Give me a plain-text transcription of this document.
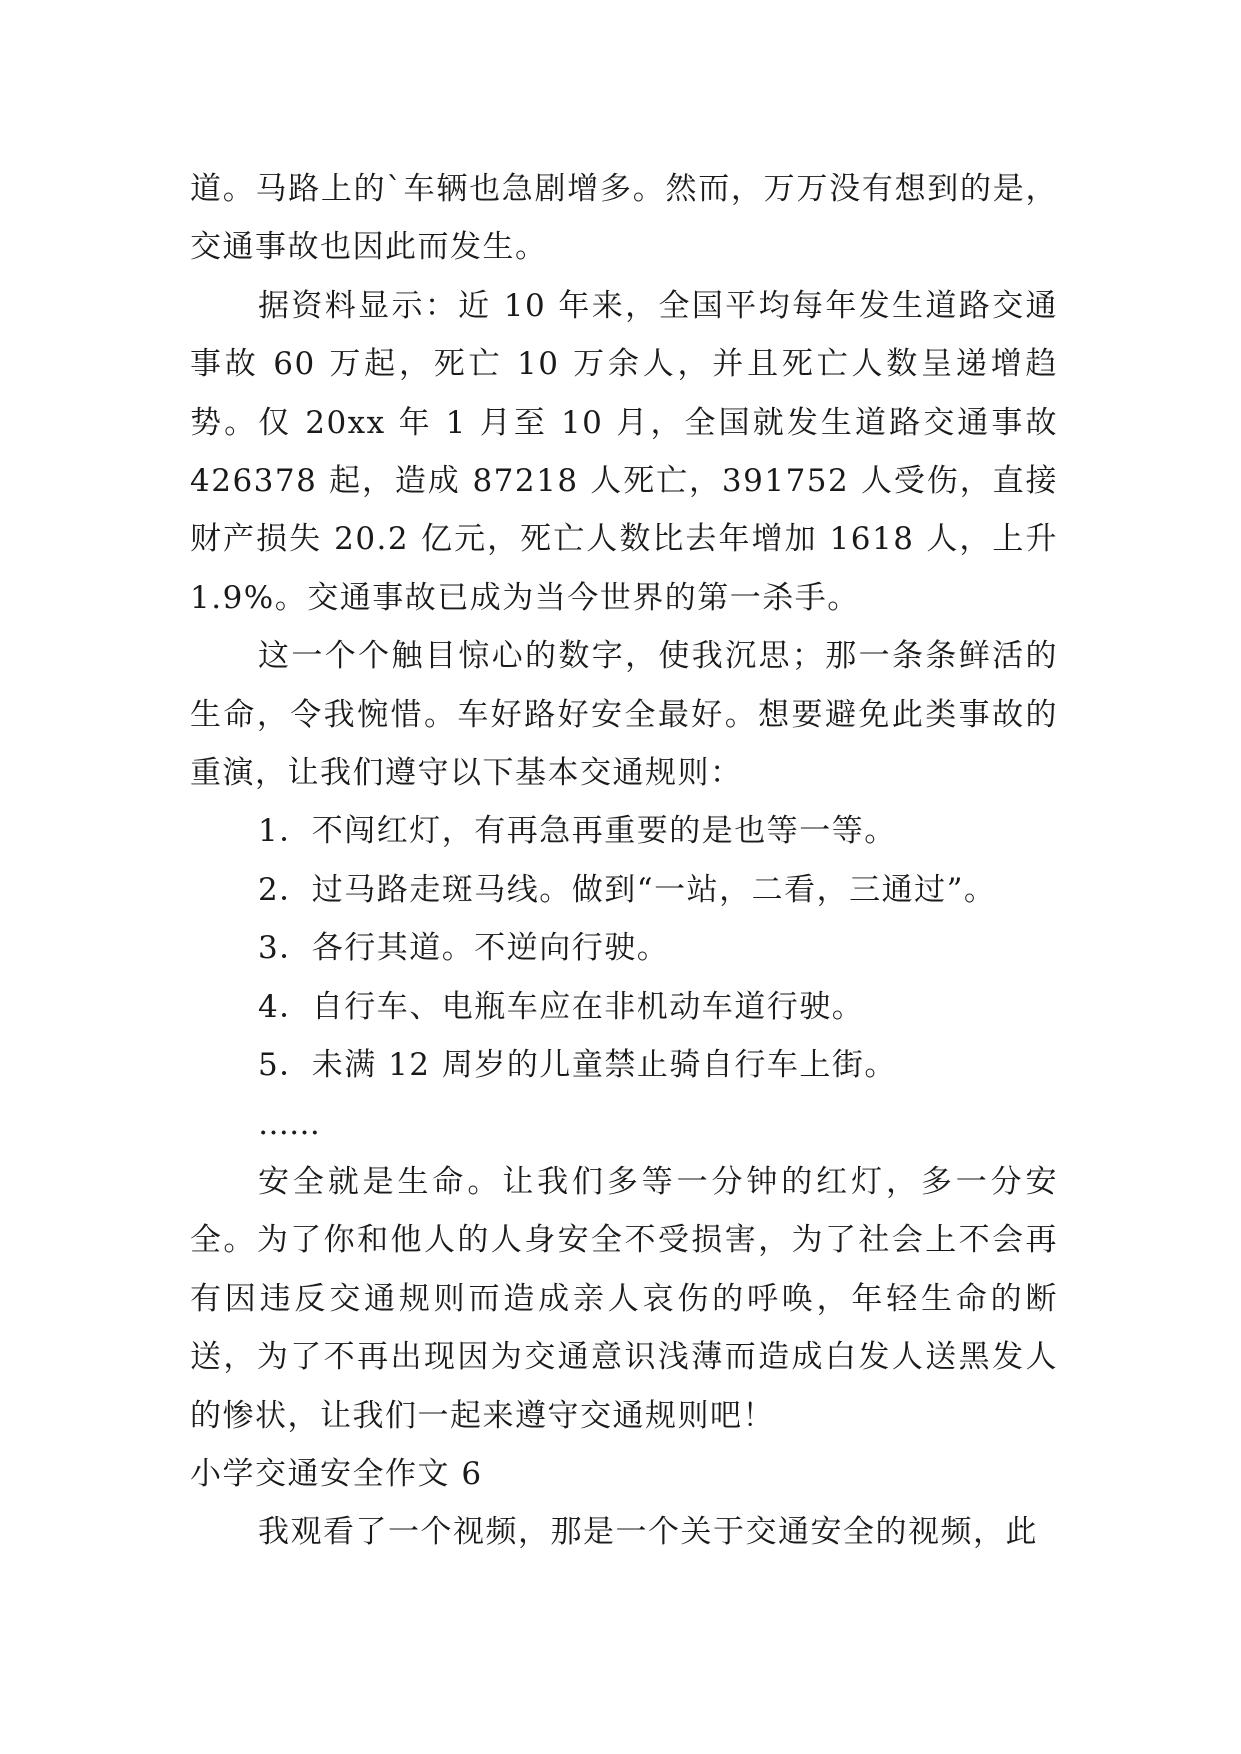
道。马路上的`车辆也急剧增多。然而，万万没有想到的是，交通事故也因此而发生。

据资料显示：近 10 年来，全国平均每年发生道路交通事故 60 万起，死亡 10 万余人，并且死亡人数呈递增趋势。仅 20xx 年 1 月至 10 月，全国就发生道路交通事故 426378 起，造成 87218 人死亡，391752 人受伤，直接财产损失 20.2 亿元，死亡人数比去年增加 1618 人，上升 1.9%。交通事故已成为当今世界的第一杀手。

这一个个触目惊心的数字，使我沉思；那一条条鲜活的生命，令我惋惜。车好路好安全最好。想要避免此类事故的重演，让我们遵守以下基本交通规则：

1．不闯红灯，有再急再重要的是也等一等。

2．过马路走斑马线。做到“一站，二看，三通过”。

3．各行其道。不逆向行驶。

4．自行车、电瓶车应在非机动车道行驶。

5．未满 12 周岁的儿童禁止骑自行车上街。

……

安全就是生命。让我们多等一分钟的红灯，多一分安全。为了你和他人的人身安全不受损害，为了社会上不会再有因违反交通规则而造成亲人哀伤的呼唤，年轻生命的断送，为了不再出现因为交通意识浅薄而造成白发人送黑发人的惨状，让我们一起来遵守交通规则吧！

小学交通安全作文 6

我观看了一个视频，那是一个关于交通安全的视频，此
